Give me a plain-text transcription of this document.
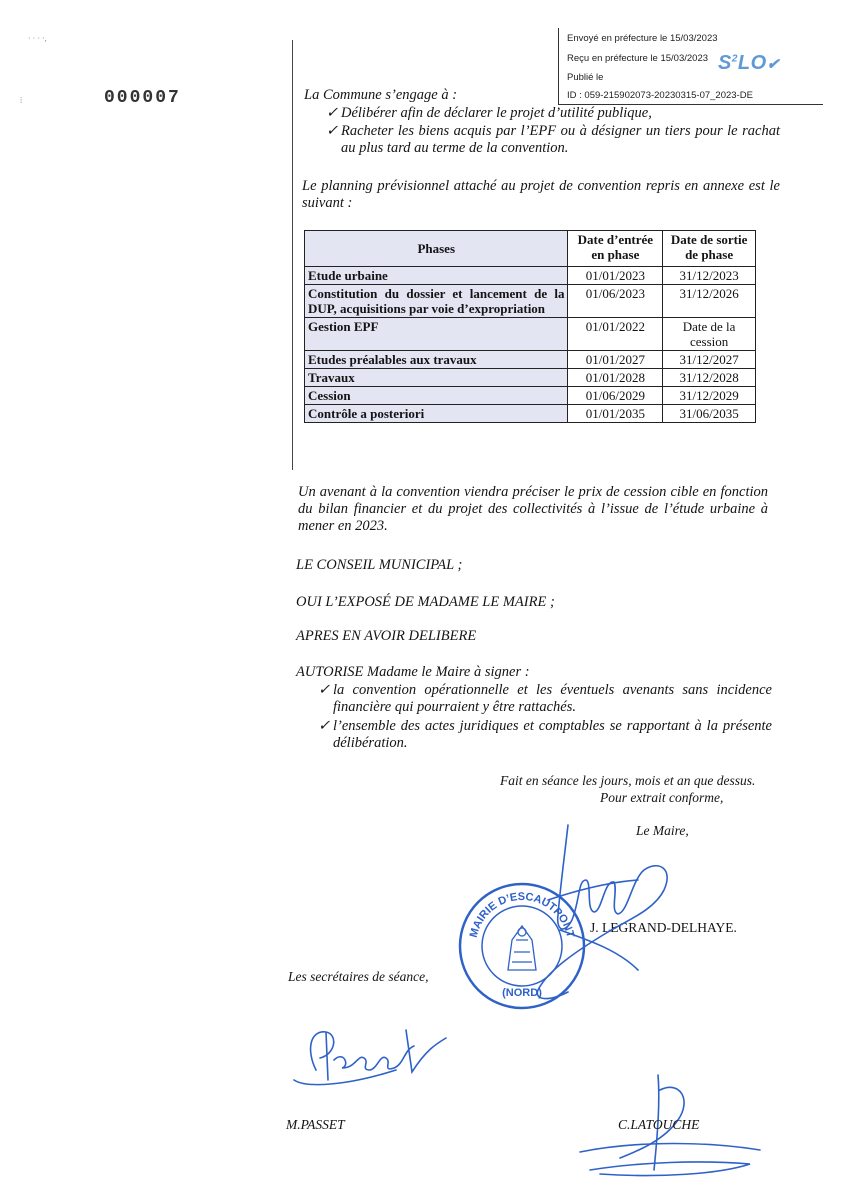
· · · ·,
⁞
Envoyé en préfecture le 15/03/2023
Reçu en préfecture le 15/03/2023
Publié le
ID : 059-215902073-20230315-07_2023-DE
$S^2LO✔$
000007	La Commune s’engage à :
✓ Délibérer afin de déclarer le projet d’utilité publique,
✓ Racheter les biens acquis par l’EPF ou à désigner un tiers pour le rachat au plus tard au terme de la convention.
Le planning prévisionnel attaché au projet de convention repris en annexe est le suivant :
Phases	Date d’entrée en phase	Date de sortie de phase
Etude urbaine	01/01/2023	31/12/2023
Constitution du dossier et lancement de la DUP, acquisitions par voie d’expropriation	01/06/2023	31/12/2026
Gestion EPF	01/01/2022	Date de la cession
Etudes préalables aux travaux	01/01/2027	31/12/2027
Travaux	01/01/2028	31/12/2028
Cession	01/06/2029	31/12/2029
Contrôle a posteriori	01/01/2035	31/06/2035
Un avenant à la convention viendra préciser le prix de cession cible en fonction du bilan financier et du projet des collectivités à l’issue de l’étude urbaine à mener en 2023.
LE CONSEIL MUNICIPAL ;
OUI L’EXPOSÉ DE MADAME LE MAIRE ;
APRES EN AVOIR DELIBERE
AUTORISE Madame le Maire à signer :
✓ la convention opérationnelle et les éventuels avenants sans incidence financière qui pourraient y être rattachés.
✓ l’ensemble des actes juridiques et comptables se rapportant à la présente délibération.
Fait en séance les jours, mois et an que dessus.
Pour extrait conforme,
Le Maire,
J. LEGRAND-DELHAYE.
MAIRIE D’ESCAUTPONT
(NORD)
Les secrétaires de séance,
M.PASSET	C.LATOUCHE
